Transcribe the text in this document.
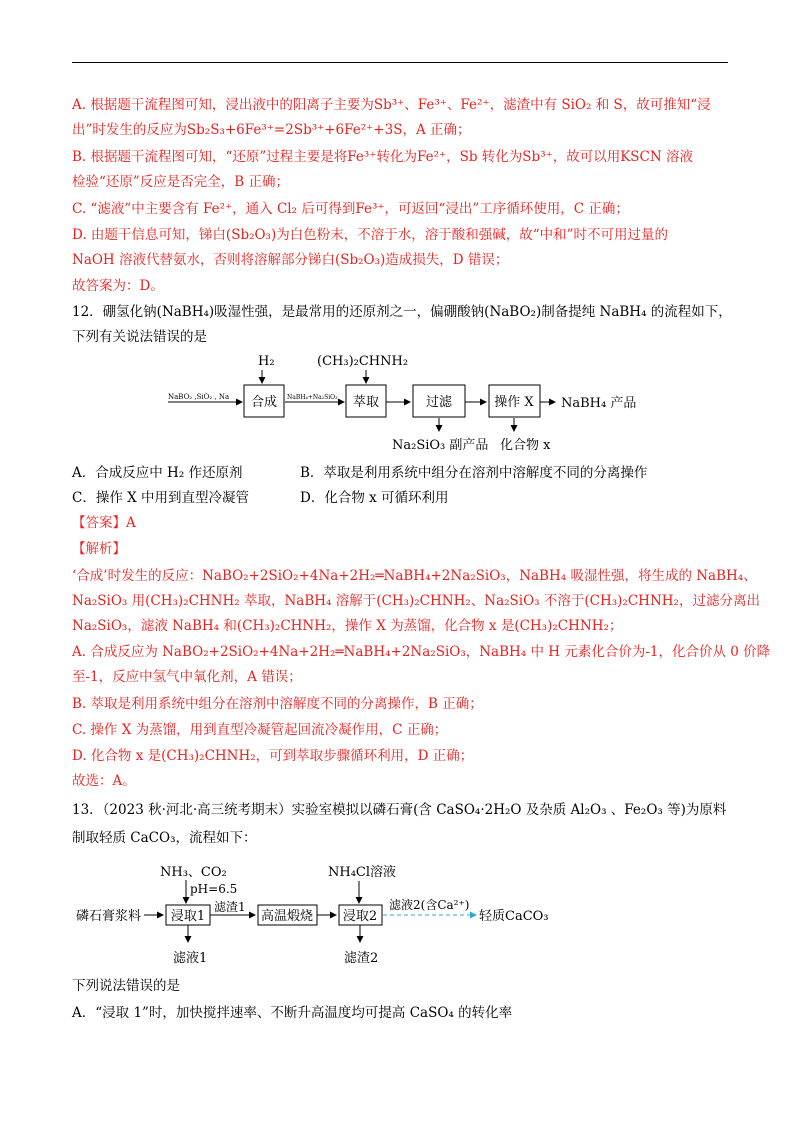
A. 根据题干流程图可知，浸出液中的阳离子主要为Sb³⁺、Fe³⁺、Fe²⁺，滤渣中有 SiO₂ 和 S，故可推知“浸
出”时发生的反应为Sb₂S₃+6Fe³⁺=2Sb³⁺+6Fe²⁺+3S，A 正确；
B. 根据题干流程图可知，“还原”过程主要是将Fe³⁺转化为Fe²⁺，Sb 转化为Sb³⁺，故可以用KSCN 溶液
检验“还原”反应是否完全，B 正确；
C. “滤液”中主要含有 Fe²⁺，通入 Cl₂ 后可得到Fe³⁺，可返回“浸出”工序循环使用，C 正确；
D. 由题干信息可知，锑白(Sb₂O₃)为白色粉末，不溶于水，溶于酸和强碱，故“中和”时不可用过量的
NaOH 溶液代替氨水，否则将溶解部分锑白(Sb₂O₃)造成损失，D 错误；
故答案为：D。
12．硼氢化钠(NaBH₄)吸湿性强，是最常用的还原剂之一，偏硼酸钠(NaBO₂)制备提纯 NaBH₄ 的流程如下，
下列有关说法错误的是
NaBO₂ ,SiO₂ , Na
H₂
合成 NaBH₄+Na₂SiO₃
(CH₃)₂CHNH₂
萃取	过滤	操作 X NaBH₄ 产品
Na₂SiO₃ 副产品 化合物 x
NH₃、CO₂
pH=6.5
磷石膏浆料 浸取1
滤渣1
高温煅烧
NH₄Cl溶液
浸取2
滤液2(含Ca²⁺)
轻质CaCO₃
滤液1	滤渣2
A．合成反应中 H₂ 作还原剂	B．萃取是利用系统中组分在溶剂中溶解度不同的分离操作
C．操作 X 中用到直型冷凝管	D．化合物 x 可循环利用
【答案】A
【解析】
‘合成’时发生的反应：NaBO₂+2SiO₂+4Na+2H₂═NaBH₄+2Na₂SiO₃，NaBH₄ 吸湿性强，将生成的 NaBH₄、
Na₂SiO₃ 用(CH₃)₂CHNH₂ 萃取，NaBH₄ 溶解于(CH₃)₂CHNH₂、Na₂SiO₃ 不溶于(CH₃)₂CHNH₂，过滤分离出
Na₂SiO₃，滤液 NaBH₄ 和(CH₃)₂CHNH₂，操作 X 为蒸馏，化合物 x 是(CH₃)₂CHNH₂；
A. 合成反应为 NaBO₂+2SiO₂+4Na+2H₂═NaBH₄+2Na₂SiO₃，NaBH₄ 中 H 元素化合价为-1，化合价从 0 价降
至-1，反应中氢气中氧化剂，A 错误；
B. 萃取是利用系统中组分在溶剂中溶解度不同的分离操作，B 正确；
C. 操作 X 为蒸馏，用到直型冷凝管起回流冷凝作用，C 正确；
D. 化合物 x 是(CH₃)₂CHNH₂，可到萃取步骤循环利用，D 正确；
故选：A。
13．（2023 秋·河北·高三统考期末）实验室模拟以磷石膏(含 CaSO₄·2H₂O 及杂质 Al₂O₃ 、Fe₂O₃ 等)为原料
制取轻质 CaCO₃，流程如下：
下列说法错误的是
A．“浸取 1”时，加快搅拌速率、不断升高温度均可提高 CaSO₄ 的转化率
